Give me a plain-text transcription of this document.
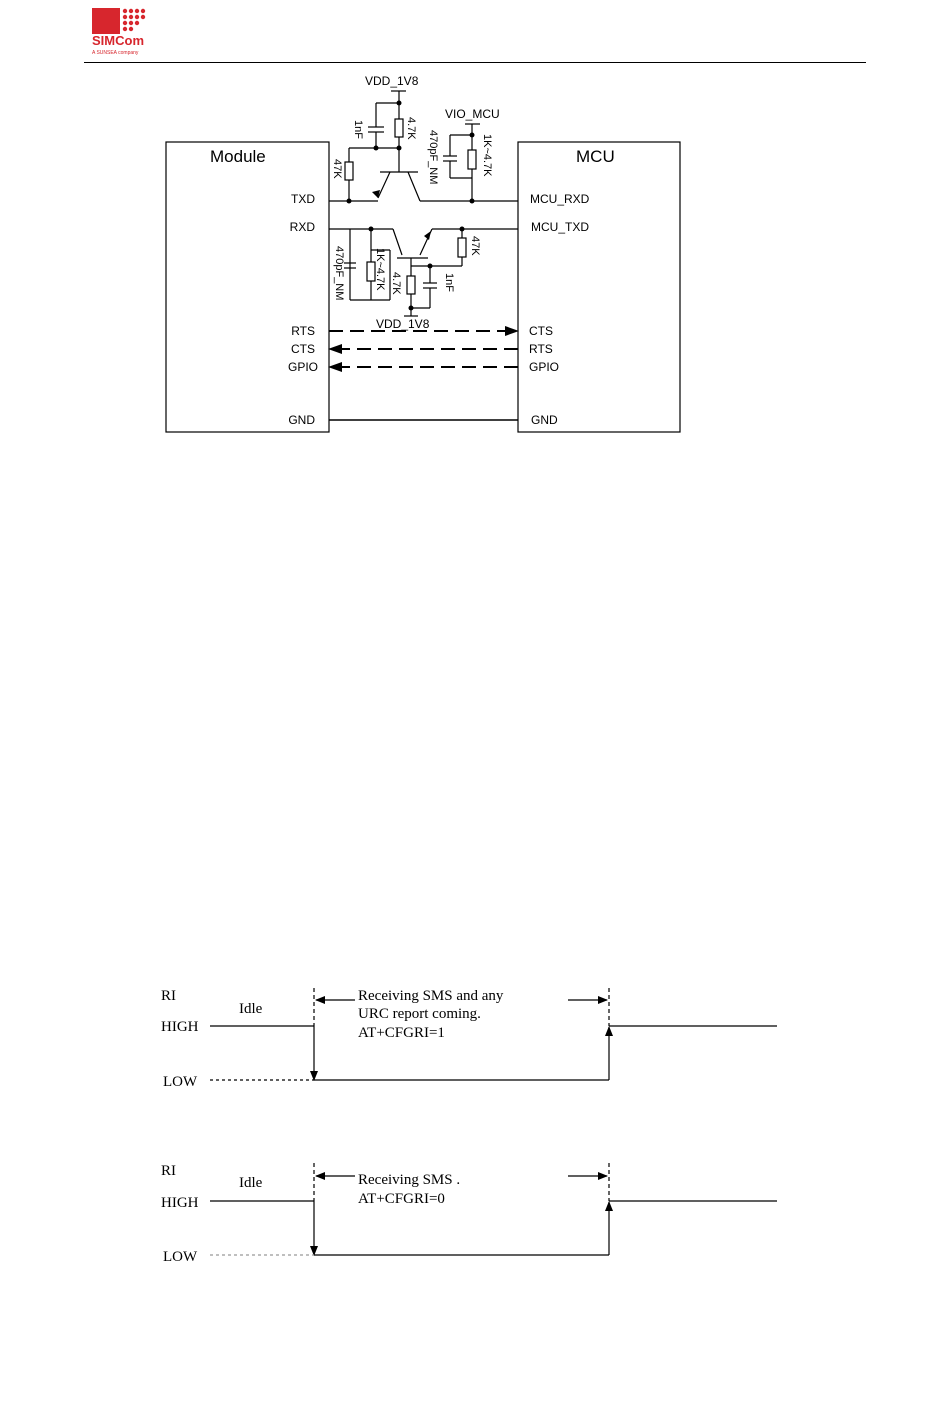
SIMCom
A SUNSEA company
Module	MCU
TXD
RXD
RTS
CTS
GPIO
GND
MCU_RXD
MCU_TXD
CTS
RTS
GPIO
GND
VDD_1V8
VIO_MCU
VDD_1V8
1nF	4.7K
47K	470pF_NM	1K~4.7K
470pF_NM	1K~4.7K 4.7K
47K
1nF
RI
HIGH
LOW
Idle
Receiving SMS and any
URC report coming.
AT+CFGRI=1
RI
HIGH
LOW
Idle	Receiving SMS .
AT+CFGRI=0
